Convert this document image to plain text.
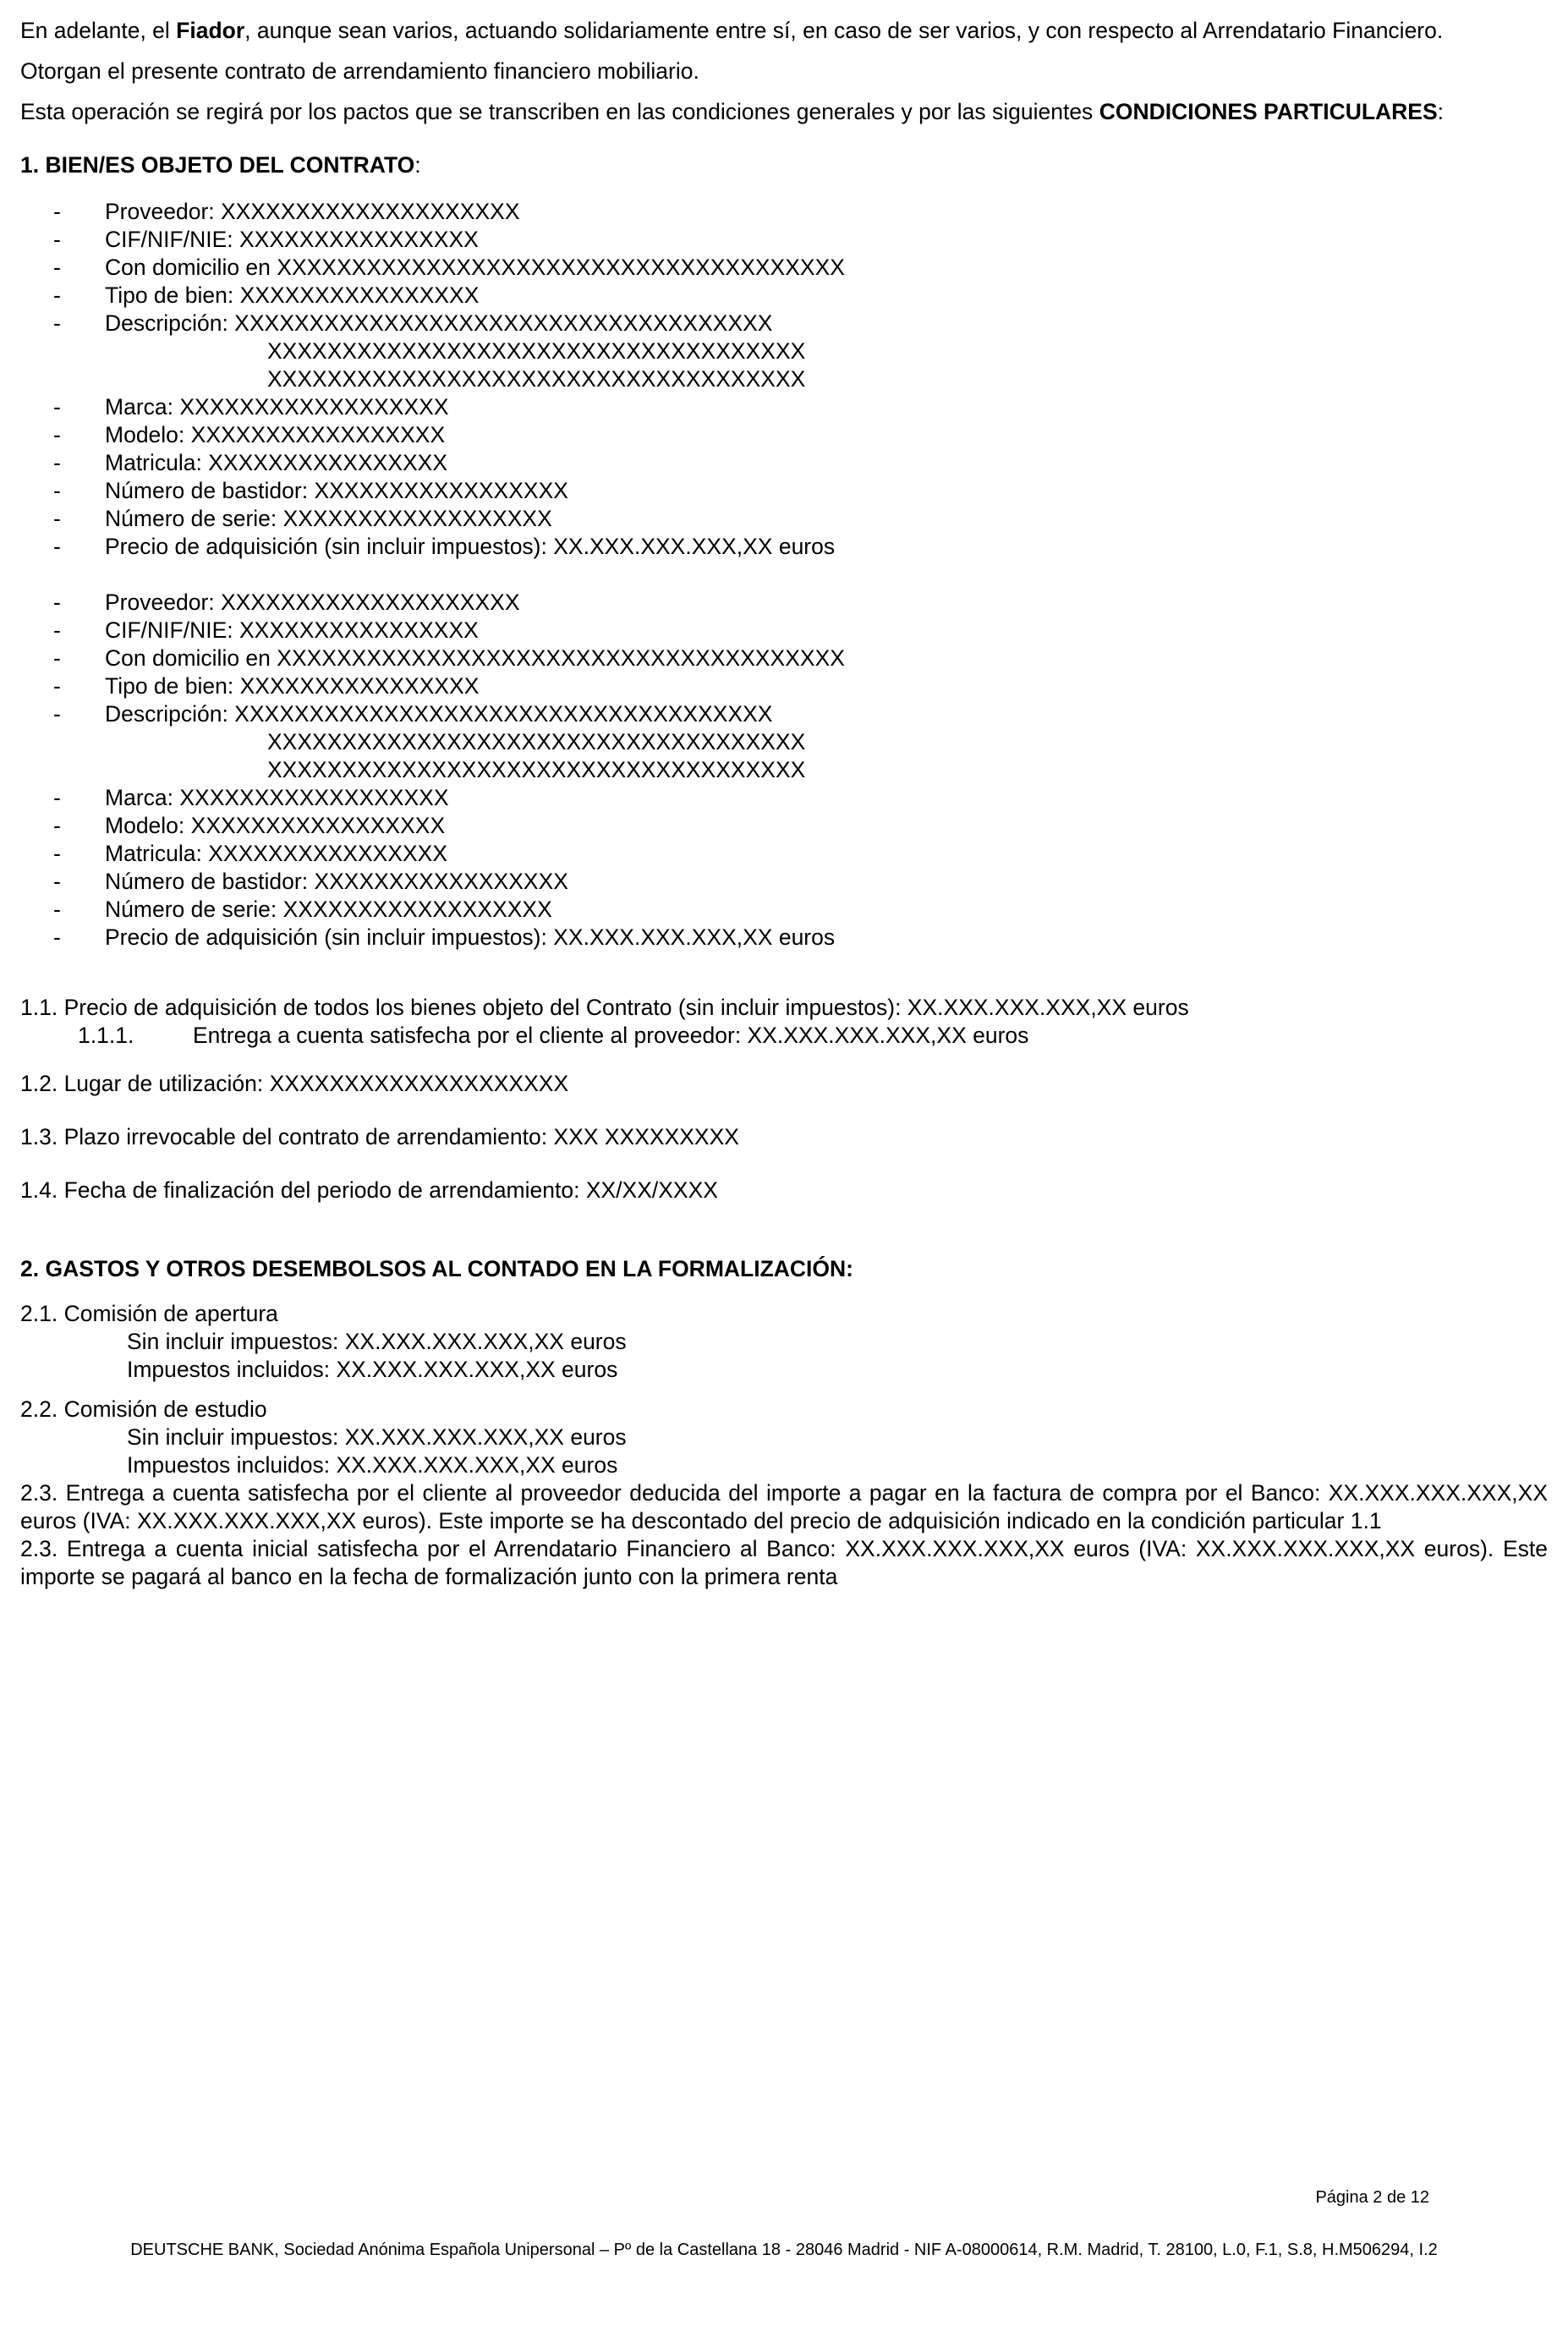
En adelante, el Fiador, aunque sean varios, actuando solidariamente entre sí, en caso de ser varios, y con respecto al Arrendatario Financiero.

Otorgan el presente contrato de arrendamiento financiero mobiliario.

Esta operación se regirá por los pactos que se transcriben en las condiciones generales y por las siguientes CONDICIONES PARTICULARES:

1. BIEN/ES OBJETO DEL CONTRATO:

-	Proveedor: XXXXXXXXXXXXXXXXXXXX
-	CIF/NIF/NIE: XXXXXXXXXXXXXXXX
-	Con domicilio en XXXXXXXXXXXXXXXXXXXXXXXXXXXXXXXXXXXXXX
-	Tipo de bien: XXXXXXXXXXXXXXXX
-	Descripción: XXXXXXXXXXXXXXXXXXXXXXXXXXXXXXXXXXXX
XXXXXXXXXXXXXXXXXXXXXXXXXXXXXXXXXXXX
XXXXXXXXXXXXXXXXXXXXXXXXXXXXXXXXXXXX
-	Marca: XXXXXXXXXXXXXXXXXX
-	Modelo: XXXXXXXXXXXXXXXXX
-	Matricula: XXXXXXXXXXXXXXXX
-	Número de bastidor: XXXXXXXXXXXXXXXXX
-	Número de serie: XXXXXXXXXXXXXXXXXX
-	Precio de adquisición (sin incluir impuestos): XX.XXX.XXX.XXX,XX euros
-	Proveedor: XXXXXXXXXXXXXXXXXXXX
-	CIF/NIF/NIE: XXXXXXXXXXXXXXXX
-	Con domicilio en XXXXXXXXXXXXXXXXXXXXXXXXXXXXXXXXXXXXXX
-	Tipo de bien: XXXXXXXXXXXXXXXX
-	Descripción: XXXXXXXXXXXXXXXXXXXXXXXXXXXXXXXXXXXX
XXXXXXXXXXXXXXXXXXXXXXXXXXXXXXXXXXXX
XXXXXXXXXXXXXXXXXXXXXXXXXXXXXXXXXXXX
-	Marca: XXXXXXXXXXXXXXXXXX
-	Modelo: XXXXXXXXXXXXXXXXX
-	Matricula: XXXXXXXXXXXXXXXX
-	Número de bastidor: XXXXXXXXXXXXXXXXX
-	Número de serie: XXXXXXXXXXXXXXXXXX
-	Precio de adquisición (sin incluir impuestos): XX.XXX.XXX.XXX,XX euros

1.1. Precio de adquisición de todos los bienes objeto del Contrato (sin incluir impuestos): XX.XXX.XXX.XXX,XX euros

1.1.1.	Entrega a cuenta satisfecha por el cliente al proveedor: XX.XXX.XXX.XXX,XX euros

1.2. Lugar de utilización: XXXXXXXXXXXXXXXXXXXX

1.3. Plazo irrevocable del contrato de arrendamiento: XXX XXXXXXXXX

1.4. Fecha de finalización del periodo de arrendamiento: XX/XX/XXXX

2. GASTOS Y OTROS DESEMBOLSOS AL CONTADO EN LA FORMALIZACIÓN:

2.1. Comisión de apertura

Sin incluir impuestos: XX.XXX.XXX.XXX,XX euros

Impuestos incluidos: XX.XXX.XXX.XXX,XX euros

2.2. Comisión de estudio

Sin incluir impuestos: XX.XXX.XXX.XXX,XX euros

Impuestos incluidos: XX.XXX.XXX.XXX,XX euros

2.3. Entrega a cuenta satisfecha por el cliente al proveedor deducida del importe a pagar en la factura de compra por el Banco: XX.XXX.XXX.XXX,XX euros (IVA: XX.XXX.XXX.XXX,XX euros). Este importe se ha descontado del precio de adquisición indicado en la condición particular 1.1

2.3. Entrega a cuenta inicial satisfecha por el Arrendatario Financiero al Banco: XX.XXX.XXX.XXX,XX euros (IVA: XX.XXX.XXX.XXX,XX euros). Este importe se pagará al banco en la fecha de formalización junto con la primera renta

Página 2 de 12
DEUTSCHE BANK, Sociedad Anónima Española Unipersonal – Pº de la Castellana 18 - 28046 Madrid - NIF A-08000614, R.M. Madrid, T. 28100, L.0, F.1, S.8, H.M506294, I.2
